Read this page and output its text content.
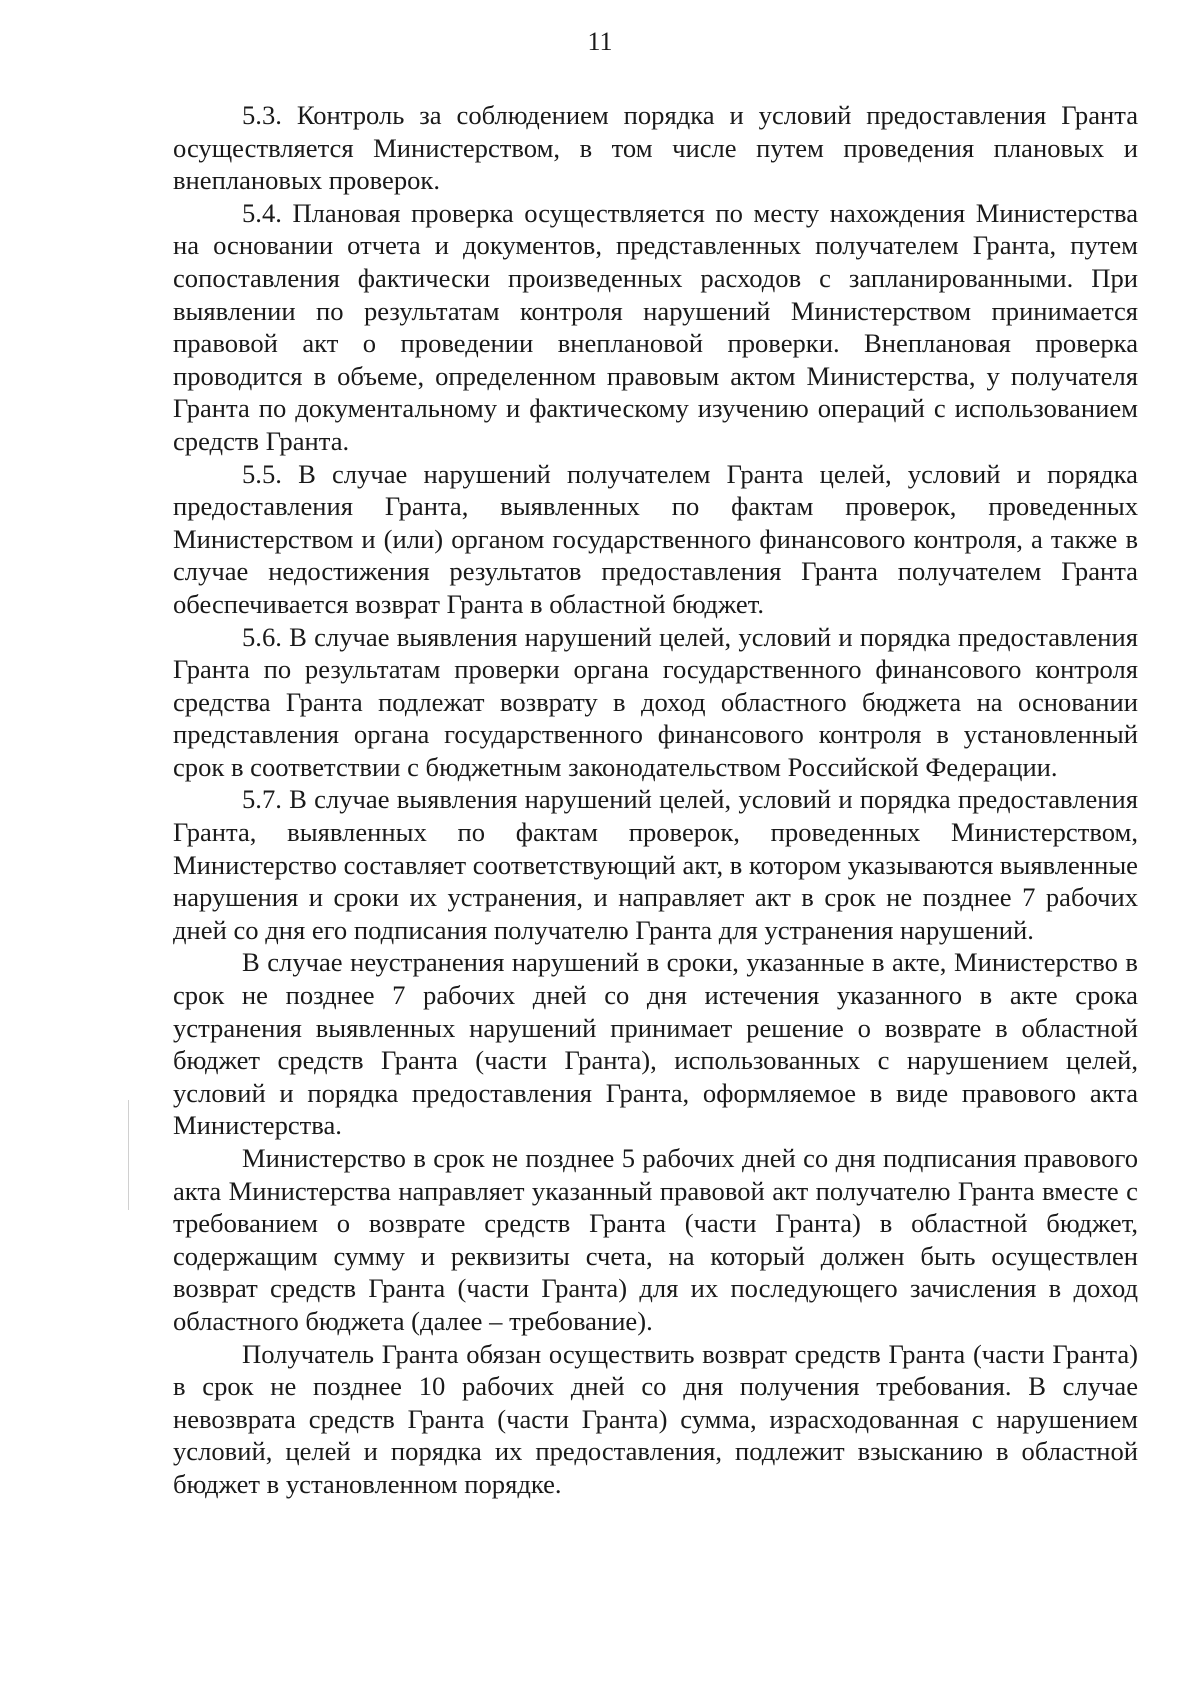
11

5.3. Контроль за соблюдением порядка и условий предоставления Гранта осуществляется Министерством, в том числе путем проведения плановых и внеплановых проверок.

5.4. Плановая проверка осуществляется по месту нахождения Министерства на основании отчета и документов, представленных получателем Гранта, путем сопоставления фактически произведенных расходов с запланированными. При выявлении по результатам контроля нарушений Министерством принимается правовой акт о проведении внеплановой проверки. Внеплановая проверка проводится в объеме, определенном правовым актом Министерства, у получателя Гранта по документальному и фактическому изучению операций с использованием средств Гранта.

5.5. В случае нарушений получателем Гранта целей, условий и порядка предоставления Гранта, выявленных по фактам проверок, проведенных Министерством и (или) органом государственного финансового контроля, а также в случае недостижения результатов предоставления Гранта получателем Гранта обеспечивается возврат Гранта в областной бюджет.

5.6. В случае выявления нарушений целей, условий и порядка предоставления Гранта по результатам проверки органа государственного финансового контроля средства Гранта подлежат возврату в доход областного бюджета на основании представления органа государственного финансового контроля в установленный срок в соответствии с бюджетным законодательством Российской Федерации.

5.7. В случае выявления нарушений целей, условий и порядка предоставления Гранта, выявленных по фактам проверок, проведенных Министерством, Министерство составляет соответствующий акт, в котором указываются выявленные нарушения и сроки их устранения, и направляет акт в срок не позднее 7 рабочих дней со дня его подписания получателю Гранта для устранения нарушений.

В случае неустранения нарушений в сроки, указанные в акте, Министерство в срок не позднее 7 рабочих дней со дня истечения указанного в акте срока устранения выявленных нарушений принимает решение о возврате в областной бюджет средств Гранта (части Гранта), использованных с нарушением целей, условий и порядка предоставления Гранта, оформляемое в виде правового акта Министерства.

Министерство в срок не позднее 5 рабочих дней со дня подписания правового акта Министерства направляет указанный правовой акт получателю Гранта вместе с требованием о возврате средств Гранта (части Гранта) в областной бюджет, содержащим сумму и реквизиты счета, на который должен быть осуществлен возврат средств Гранта (части Гранта) для их последующего зачисления в доход областного бюджета (далее – требование).

Получатель Гранта обязан осуществить возврат средств Гранта (части Гранта) в срок не позднее 10 рабочих дней со дня получения требования. В случае невозврата средств Гранта (части Гранта) сумма, израсходованная с нарушением условий, целей и порядка их предоставления, подлежит взысканию в областной бюджет в установленном порядке.
